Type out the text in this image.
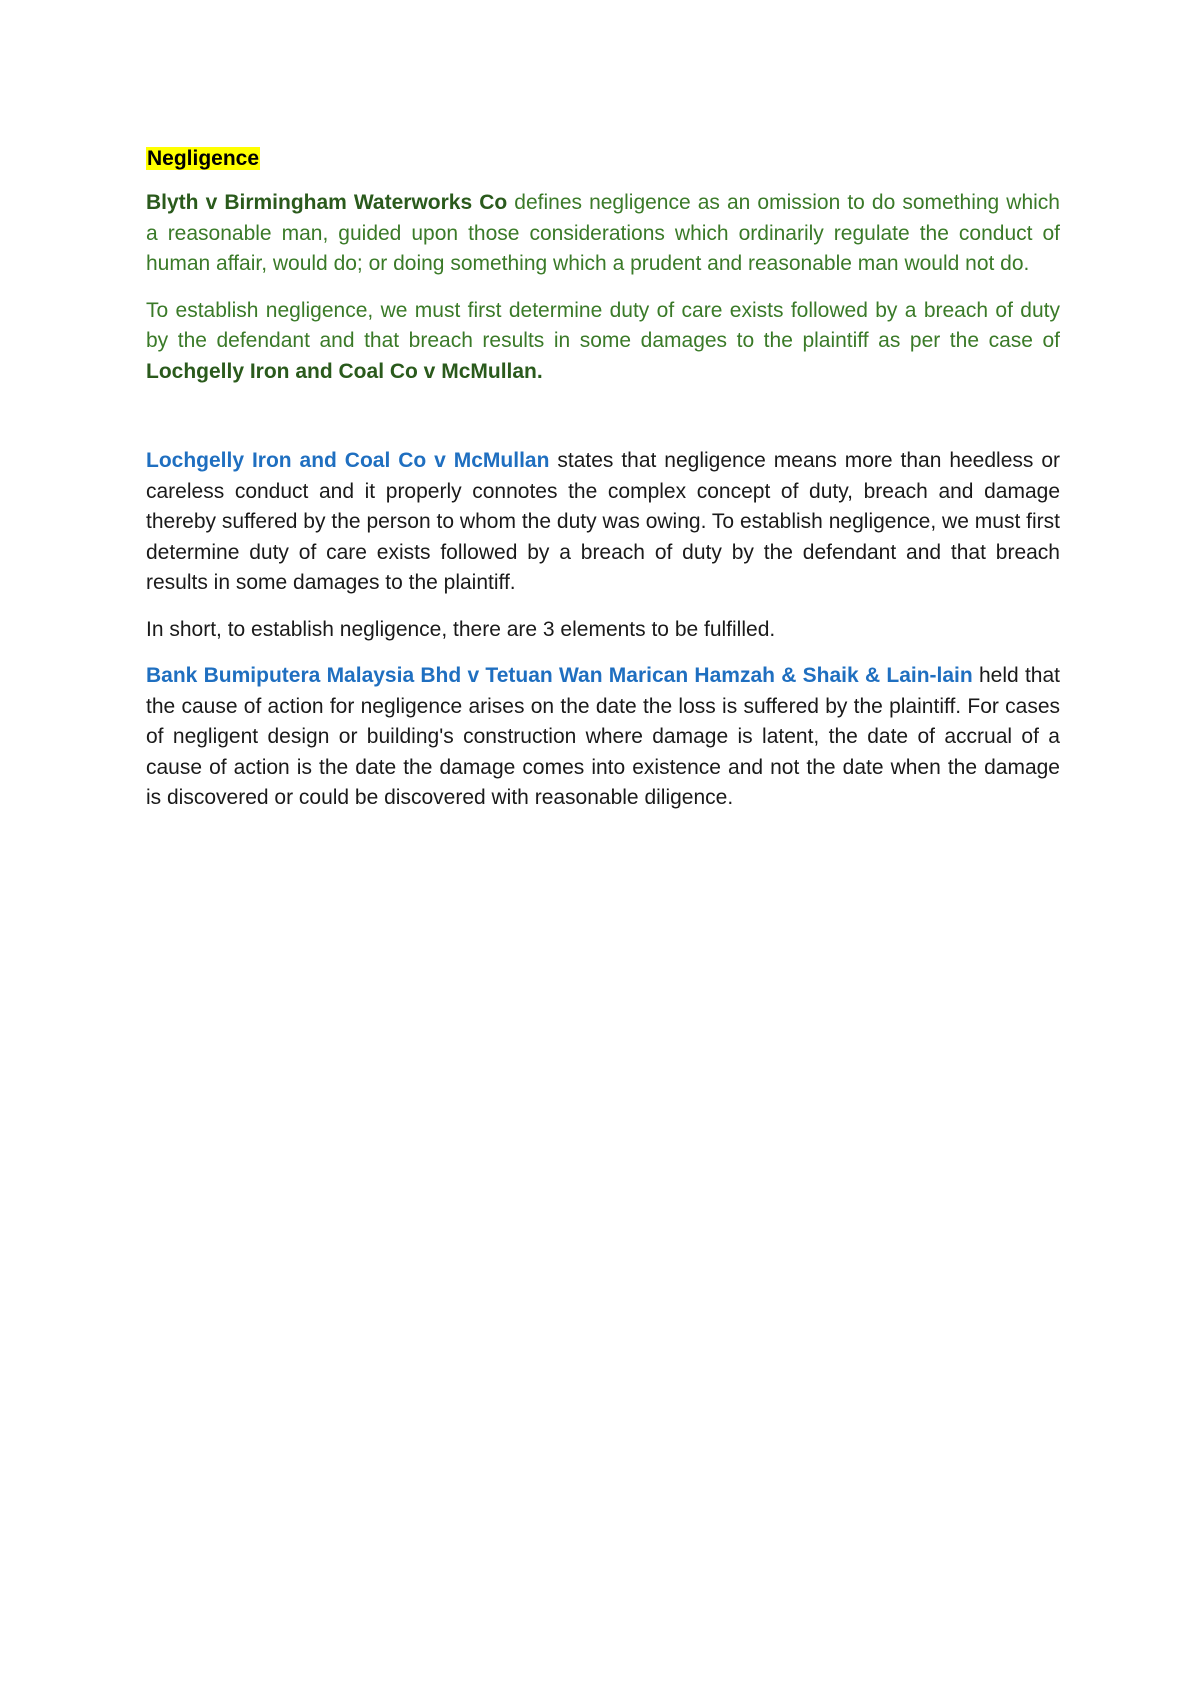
Negligence

Blyth v Birmingham Waterworks Co defines negligence as an omission to do something which a reasonable man, guided upon those considerations which ordinarily regulate the conduct of human affair, would do; or doing something which a prudent and reasonable man would not do.

To establish negligence, we must first determine duty of care exists followed by a breach of duty by the defendant and that breach results in some damages to the plaintiff as per the case of Lochgelly Iron and Coal Co v McMullan.

Lochgelly Iron and Coal Co v McMullan states that negligence means more than heedless or careless conduct and it properly connotes the complex concept of duty, breach and damage thereby suffered by the person to whom the duty was owing. To establish negligence, we must first determine duty of care exists followed by a breach of duty by the defendant and that breach results in some damages to the plaintiff.

In short, to establish negligence, there are 3 elements to be fulfilled.

Bank Bumiputera Malaysia Bhd v Tetuan Wan Marican Hamzah & Shaik & Lain-lain held that the cause of action for negligence arises on the date the loss is suffered by the plaintiff. For cases of negligent design or building's construction where damage is latent, the date of accrual of a cause of action is the date the damage comes into existence and not the date when the damage is discovered or could be discovered with reasonable diligence.
